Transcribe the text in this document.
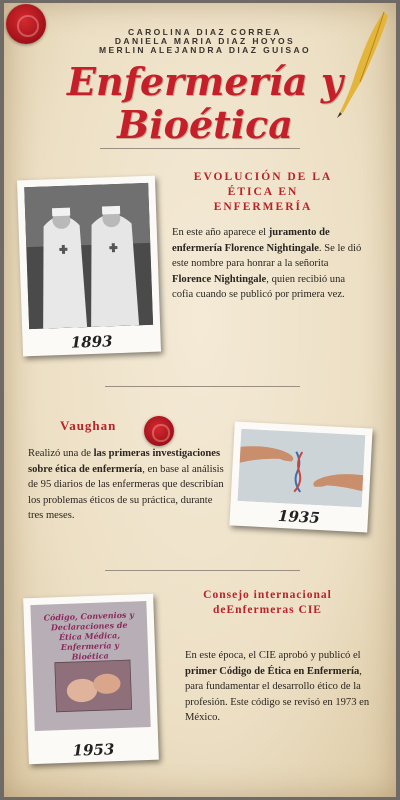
CAROLINA DIAZ CORREA
DANIELA MARIA DIAZ HOYOS
MERLIN ALEJANDRA DIAZ GUISAO
Enfermería y
Bioética
1893
EVOLUCIÓN DE LA ÉTICA EN ENFERMERÍA
En este año aparece el juramento de enfermería Florence Nightingale. Se le dió este nombre para honrar a la señorita Florence Nightingale, quien recibió una cofia cuando se publicó por primera vez.
Vaughan
Realizó una de las primeras investigaciones sobre ética de enfermería, en base al análisis de 95 diarios de las enfermeras que describían los problemas éticos de su práctica, durante tres meses.	1935
Consejo internacional deEnfermeras CIE
Código, Convenios y Declaraciones de Ética Médica, Enfermería y Bioética
1953
En este época, el CIE aprobó y publicó el primer Código de Ética en Enfermería, para fundamentar el desarrollo ético de la profesión. Este código se revisó en 1973 en México.
